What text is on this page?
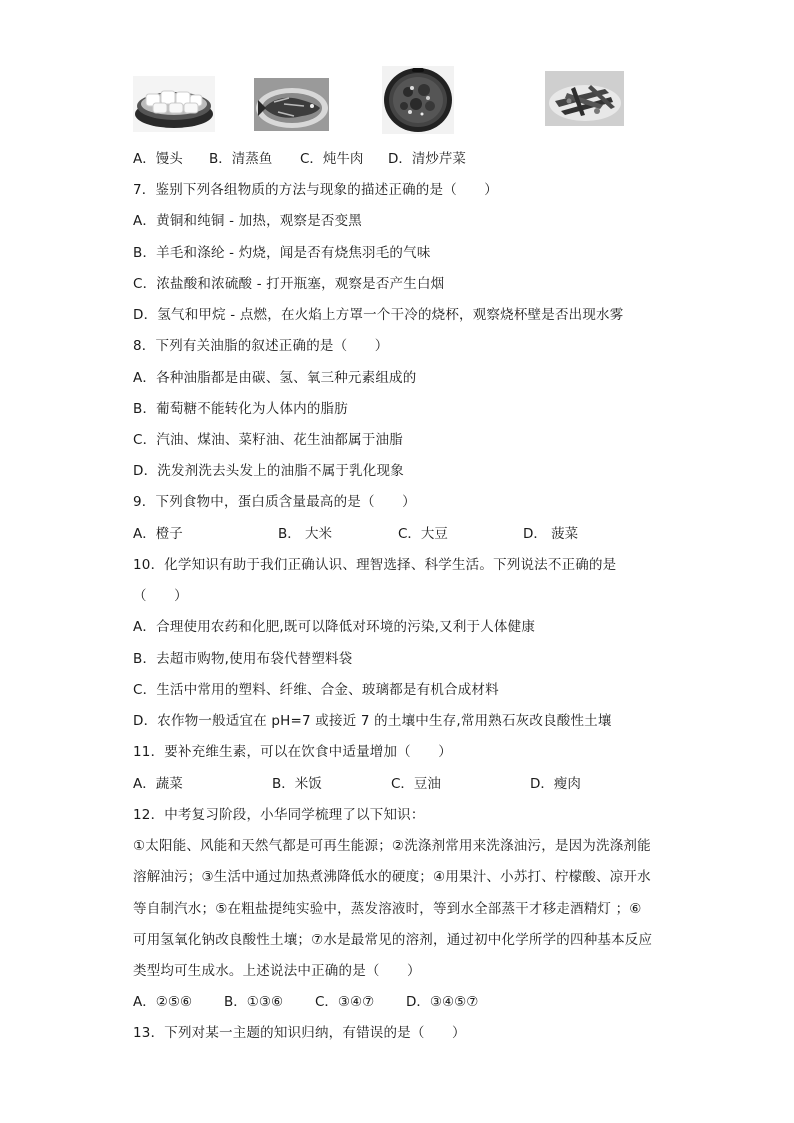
A．馒头 B．清蒸鱼 C．炖牛肉 D．清炒芹菜
7．鉴别下列各组物质的方法与现象的描述正确的是（　　）
A．黄铜和纯铜 - 加热，观察是否变黑
B．羊毛和涤纶 - 灼烧，闻是否有烧焦羽毛的气味
C．浓盐酸和浓硫酸 - 打开瓶塞，观察是否产生白烟
D．氢气和甲烷 - 点燃，在火焰上方罩一个干冷的烧杯，观察烧杯壁是否出现水雾
8．下列有关油脂的叙述正确的是（　　）
A．各种油脂都是由碳、氢、氧三种元素组成的
B．葡萄糖不能转化为人体内的脂肪
C．汽油、煤油、菜籽油、花生油都属于油脂
D．洗发剂洗去头发上的油脂不属于乳化现象
9．下列食物中，蛋白质含量最高的是（　　）
A．橙子	B． 大米	C．大豆	D． 菠菜
10．化学知识有助于我们正确认识、理智选择、科学生活。下列说法不正确的是
（　　）
A．合理使用农药和化肥,既可以降低对环境的污染,又利于人体健康
B．去超市购物,使用布袋代替塑料袋
C．生活中常用的塑料、纤维、合金、玻璃都是有机合成材料
D．农作物一般适宜在 pH=7 或接近 7 的土壤中生存,常用熟石灰改良酸性土壤
11．要补充维生素，可以在饮食中适量增加（　　）
A．蔬菜	B．米饭	C．豆油	D．瘦肉
12．中考复习阶段，小华同学梳理了以下知识：
①太阳能、风能和天然气都是可再生能源；②洗涤剂常用来洗涤油污，是因为洗涤剂能
溶解油污；③生活中通过加热煮沸降低水的硬度；④用果汁、小苏打、柠檬酸、凉开水
等自制汽水；⑤在粗盐提纯实验中，蒸发溶液时，等到水全部蒸干才移走酒精灯 ；⑥
可用氢氧化钠改良酸性土壤；⑦水是最常见的溶剂，通过初中化学所学的四种基本反应
类型均可生成水。上述说法中正确的是（　　）
A．②⑤⑥ B．①③⑥ C．③④⑦ D．③④⑤⑦
13．下列对某一主题的知识归纳，有错误的是（　　）
